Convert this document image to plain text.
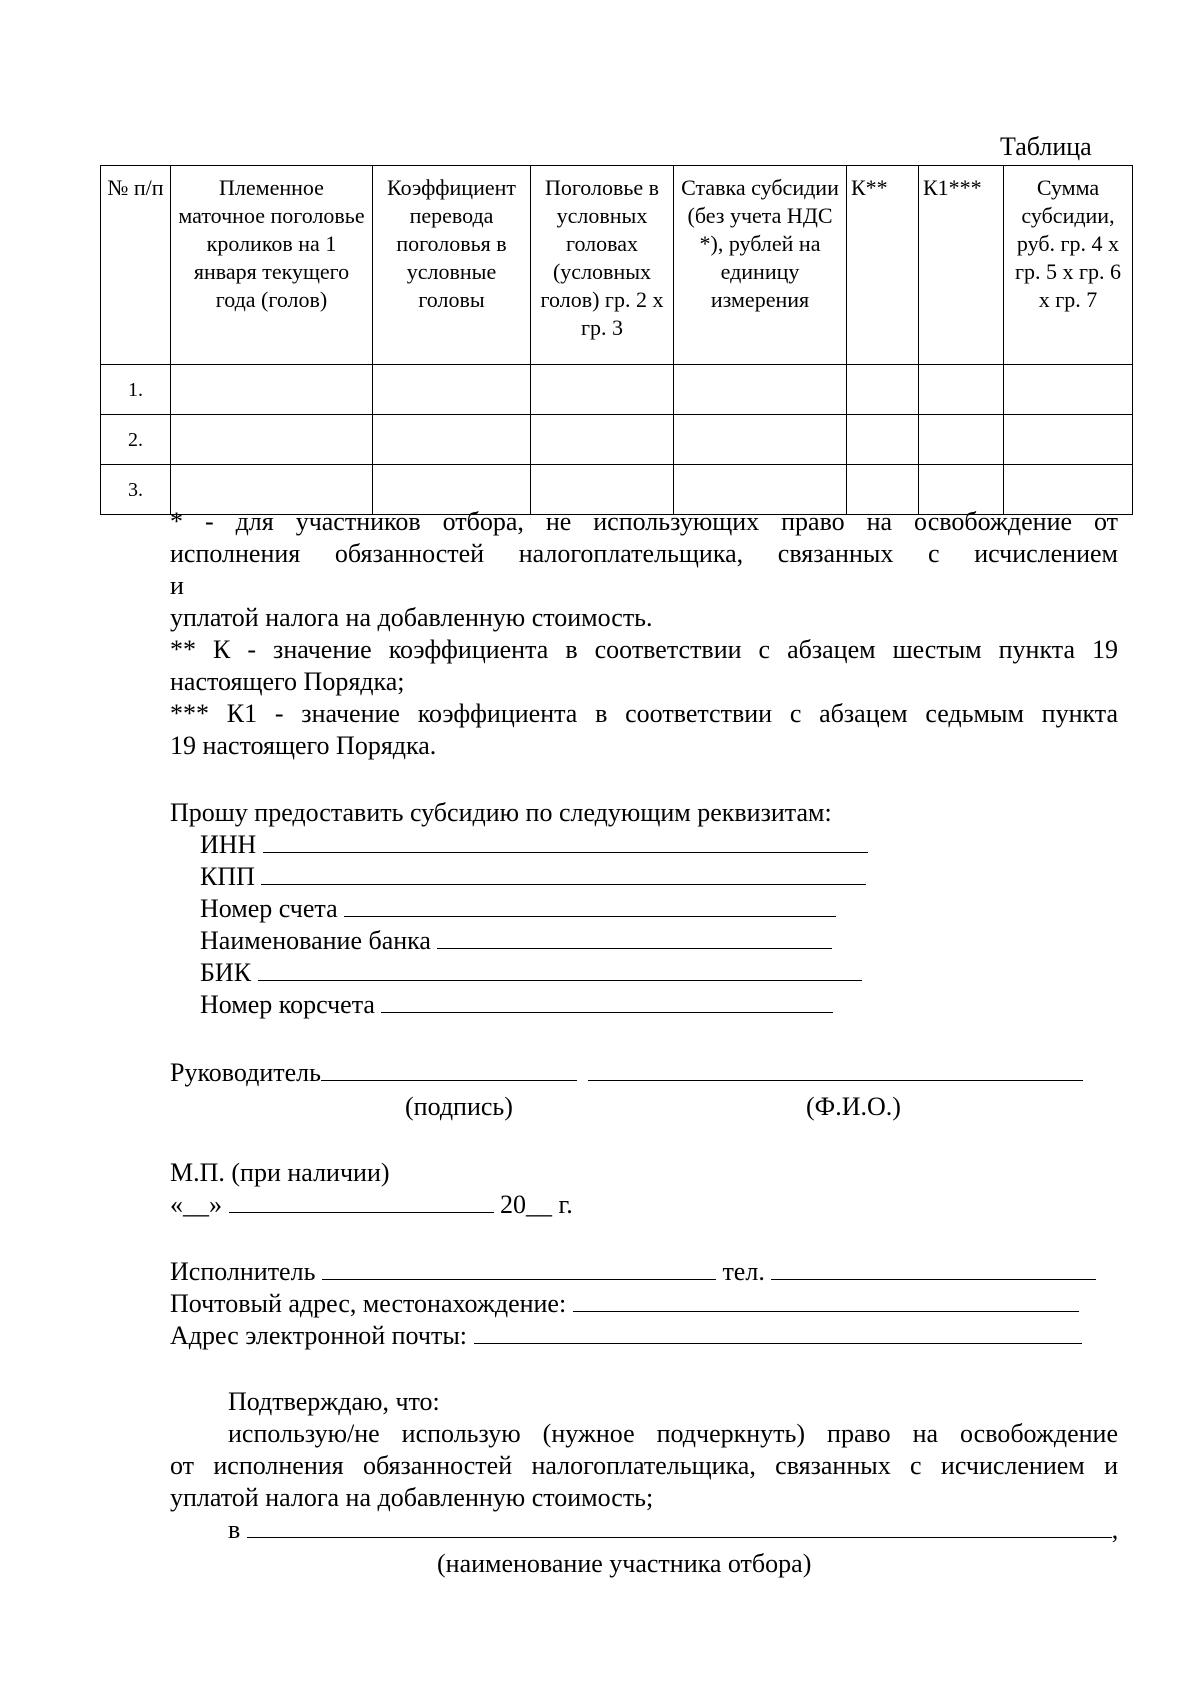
Таблица
№ п/п	Племенное маточное поголовье кроликов на 1 января текущего года (голов)	Коэффициент перевода поголовья в условные головы	Поголовье в условных головах (условных голов) гр. 2 х гр. 3	Ставка субсидии (без учета НДС *), рублей на единицу измерения	К**	К1***	Сумма субсидии, руб. гр. 4 х гр. 5 х гр. 6 х гр. 7
1.							
2.							
3.							
* - для участников отбора, не использующих право на освобождение от
исполнения обязанностей налогоплательщика, связанных с исчислением
и
уплатой налога на добавленную стоимость.
** К - значение коэффициента в соответствии с абзацем шестым пункта 19
настоящего Порядка;
*** К1 - значение коэффициента в соответствии с абзацем седьмым пункта
19 настоящего Порядка.
Прошу предоставить субсидию по следующим реквизитам:
ИНН
КПП
Номер счета
Наименование банка
БИК
Номер корсчета
Руководитель
(подпись)	(Ф.И.О.)
М.П. (при наличии)
«__»	20__ г.
Исполнитель	тел.
Почтовый адрес, местонахождение:
Адрес электронной почты:
Подтверждаю, что:
использую/не использую (нужное подчеркнуть) право на освобождение
от исполнения обязанностей налогоплательщика, связанных с исчислением и
уплатой налога на добавленную стоимость;
в	,
(наименование участника отбора)
